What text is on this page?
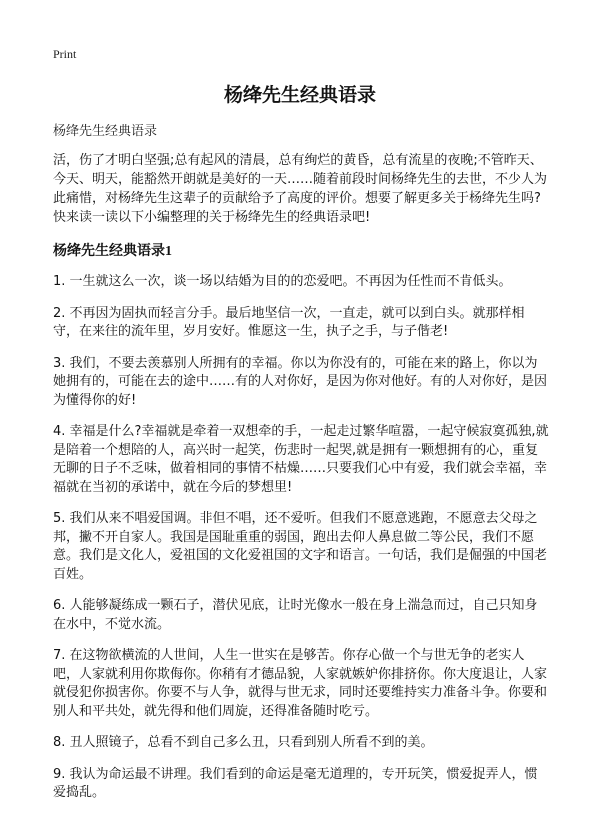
Print
杨绛先生经典语录
杨绛先生经典语录

活，伤了才明白坚强;总有起风的清晨，总有绚烂的黄昏，总有流星的夜晚;不管昨天、今天、明天，能豁然开朗就是美好的一天……随着前段时间杨绛先生的去世，不少人为此痛惜，对杨绛先生这辈子的贡献给予了高度的评价。想要了解更多关于杨绛先生吗?快来读一读以下小编整理的关于杨绛先生的经典语录吧!

杨绛先生经典语录1
1. 一生就这么一次，谈一场以结婚为目的的恋爱吧。不再因为任性而不肯低头。
2. 不再因为固执而轻言分手。最后地坚信一次，一直走，就可以到白头。就那样相守，在来往的流年里，岁月安好。惟愿这一生，执子之手，与子偕老!
3. 我们，不要去羡慕别人所拥有的幸福。你以为你没有的，可能在来的路上，你以为她拥有的，可能在去的途中……有的人对你好，是因为你对他好。有的人对你好，是因为懂得你的好!
4. 幸福是什么?幸福就是牵着一双想牵的手，一起走过繁华喧嚣，一起守候寂寞孤独,就是陪着一个想陪的人，高兴时一起笑，伤悲时一起哭,就是拥有一颗想拥有的心，重复无聊的日子不乏味，做着相同的事情不枯燥……只要我们心中有爱，我们就会幸福，幸福就在当初的承诺中，就在今后的梦想里!
5. 我们从来不唱爱国调。非但不唱，还不爱听。但我们不愿意逃跑，不愿意去父母之邦，撇不开自家人。我国是国耻重重的弱国，跑出去仰人鼻息做二等公民，我们不愿意。我们是文化人，爱祖国的文化爱祖国的文字和语言。一句话，我们是倔强的中国老百姓。
6. 人能够凝练成一颗石子，潜伏见底，让时光像水一般在身上湍急而过，自己只知身在水中，不觉水流。
7. 在这物欲横流的人世间，人生一世实在是够苦。你存心做一个与世无争的老实人吧，人家就利用你欺侮你。你稍有才德品貌，人家就嫉妒你排挤你。你大度退让，人家就侵犯你损害你。你要不与人争，就得与世无求，同时还要维持实力准备斗争。你要和别人和平共处，就先得和他们周旋，还得准备随时吃亏。
8. 丑人照镜子，总看不到自己多么丑，只看到别人所看不到的美。
9. 我认为命运最不讲理。我们看到的命运是毫无道理的，专开玩笑，惯爱捉弄人，惯爱捣乱。
